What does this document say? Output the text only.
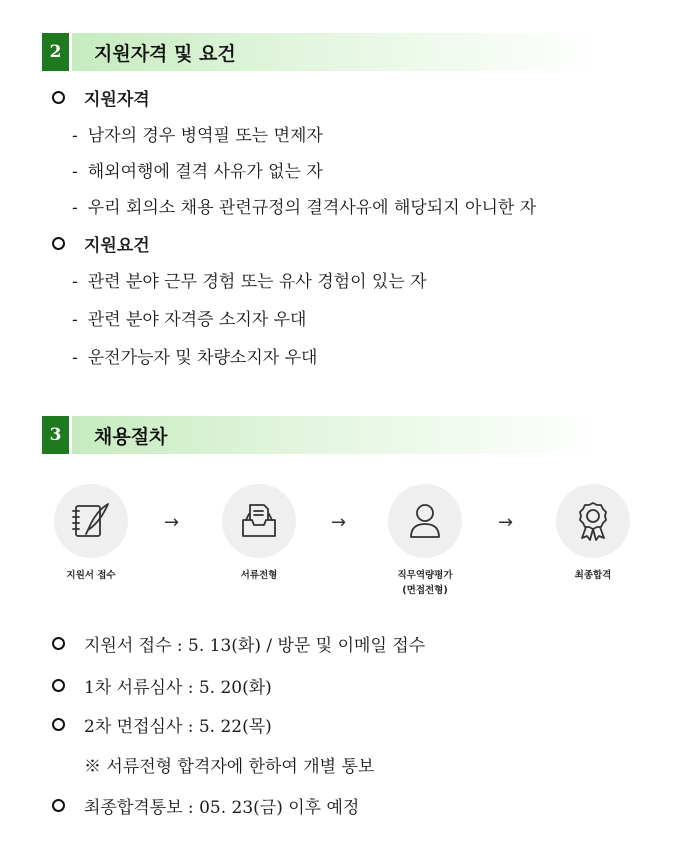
2	지원자격 및 요건
지원자격
- 남자의 경우 병역필 또는 면제자
- 해외여행에 결격 사유가 없는 자
- 우리 회의소 채용 관련규정의 결격사유에 해당되지 아니한 자
지원요건
- 관련 분야 근무 경험 또는 유사 경험이 있는 자
- 관련 분야 자격증 소지자 우대
- 운전가능자 및 차량소지자 우대
3	채용절차
지원서 접수
→
서류전형
→
직무역량평가
(면접전형)
→
최종합격
지원서 접수 : 5. 13(화) / 방문 및 이메일 접수
1차 서류심사 : 5. 20(화)
2차 면접심사 : 5. 22(목)
※ 서류전형 합격자에 한하여 개별 통보
최종합격통보 : 05. 23(금) 이후 예정
